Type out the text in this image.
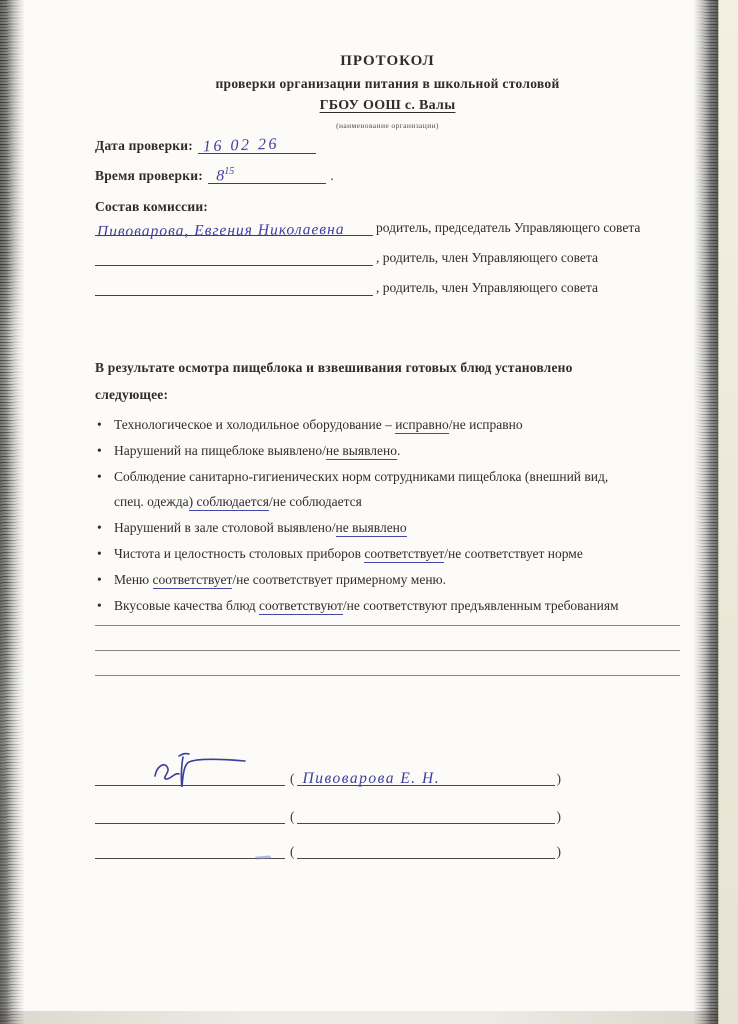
ПРОТОКОЛ
проверки организации питания в школьной столовой
ГБОУ ООШ с. Валы
(наименование организации)
Дата проверки: 16 02 26
Время проверки: $8^{15}$	.
Состав комиссии:
Пивоварова, Евгения Николаевна родитель, председатель Управляющего совета
, родитель, член Управляющего совета
, родитель, член Управляющего совета
В результате осмотра пищеблока и взвешивания готовых блюд установлено следующее:
• Технологическое и холодильное оборудование – исправно/не исправно
• Нарушений на пищеблоке выявлено/не выявлено.
• Соблюдение санитарно-гигиенических норм сотрудниками пищеблока (внешний вид, спец. одежда) соблюдается/не соблюдается
• Нарушений в зале столовой выявлено/не выявлено
• Чистота и целостность столовых приборов соответствует/не соответствует норме
• Меню соответствует/не соответствует примерному меню.
• Вкусовые качества блюд соответствуют/не соответствуют предъявленным требованиям
( Пивоварова Е. Н.	)
(	)
(	)
